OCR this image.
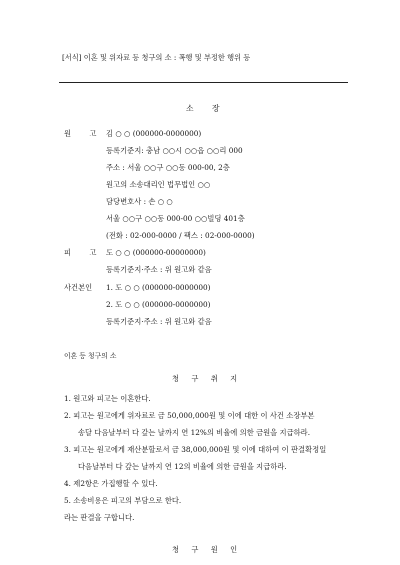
[서식] 이혼 및 위자료 등 청구의 소 : 폭행 및 부정한 행위 등
소 장
원 고 김 ○ ○ (000000-0000000)
등록기준지: 충남 ○○시 ○○읍 ○○리 000
주소 : 서울 ○○구 ○○동 000-00, 2층
원고의 소송대리인 법무법인 ○○
담당변호사 : 손 ○ ○
서울 ○○구 ○○동 000-00 ○○빌딩 401층
(전화 : 02-000-0000 / 팩스 : 02-000-0000)
피 고 도 ○ ○ (000000-00000000)
등록기준지·주소 : 위 원고와 같음
사건본인 1. 도 ○ ○ (000000-0000000)
2. 도 ○ ○ (000000-0000000)
등록기준지·주소 : 위 원고와 같음
이혼 등 청구의 소
청 구 취 지
1. 원고와 피고는 이혼한다.
2. 피고는 원고에게 위자료로 금 50,000,000원 및 이에 대한 이 사건 소장부본
송달 다음날부터 다 갚는 날까지 연 12%의 비율에 의한 금원을 지급하라.
3. 피고는 원고에게 재산분할로서 금 38,000,000원 및 이에 대하여 이 판결확정일
다음날부터 다 갚는 날까지 연 12의 비율에 의한 금원을 지급하라.
4. 제2항은 가집행할 수 있다.
5. 소송비용은 피고의 부담으로 한다.
라는 판결을 구합니다.
청 구 원 인
